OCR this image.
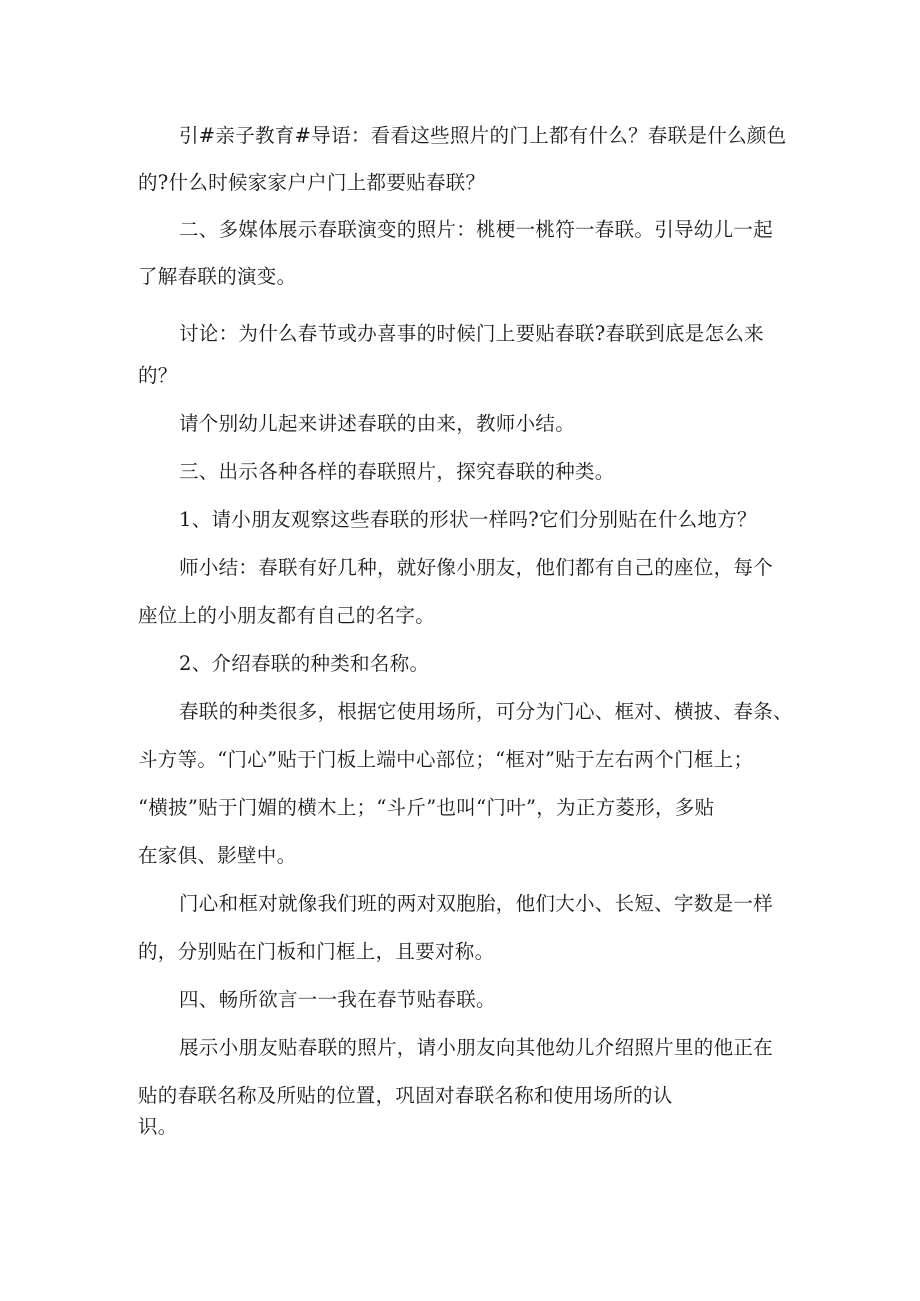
引#亲子教育#导语：看看这些照片的门上都有什么？春联是什么颜色
的?什么时候家家户户门上都要贴春联？
二、多媒体展示春联演变的照片：桃梗一桃符一春联。引导幼儿一起
了解春联的演变。
讨论：为什么春节或办喜事的时候门上要贴春联?春联到底是怎么来
的？
请个别幼儿起来讲述春联的由来，教师小结。
三、出示各种各样的春联照片，探究春联的种类。
1、请小朋友观察这些春联的形状一样吗?它们分别贴在什么地方？
师小结：春联有好几种，就好像小朋友，他们都有自己的座位，每个
座位上的小朋友都有自己的名字。
2、介绍春联的种类和名称。
春联的种类很多，根据它使用场所，可分为门心、框对、横披、春条、
斗方等。“门心”贴于门板上端中心部位；“框对”贴于左右两个门框上；
“横披”贴于门媚的横木上；“斗斤”也叫“门叶”，为正方菱形，多贴
在家俱、影壁中。
门心和框对就像我们班的两对双胞胎，他们大小、长短、字数是一样
的，分别贴在门板和门框上，且要对称。
四、畅所欲言一一我在春节贴春联。
展示小朋友贴春联的照片，请小朋友向其他幼儿介绍照片里的他正在
贴的春联名称及所贴的位置，巩固对春联名称和使用场所的认
识。
